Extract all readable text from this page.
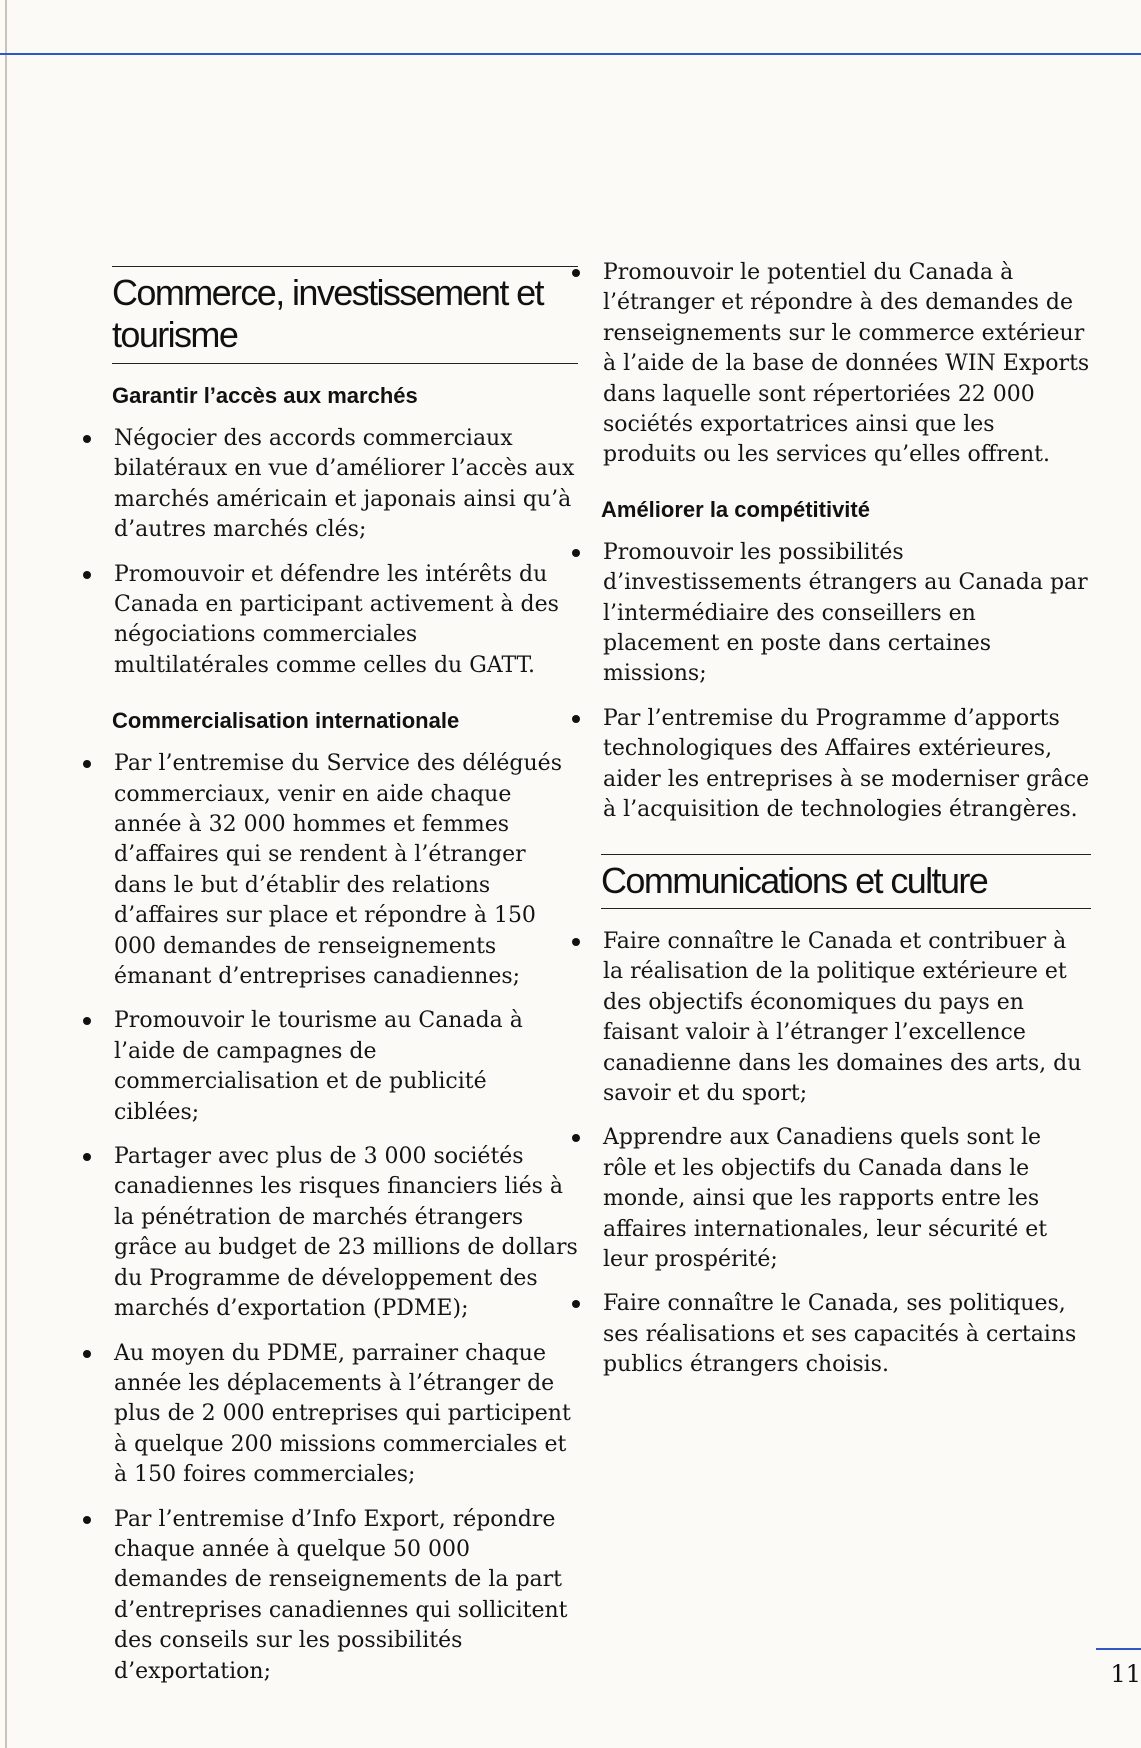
Commerce, investissement et tourisme
Garantir l’accès aux marchés
Négocier des accords commerciaux bilatéraux en vue d’améliorer l’accès aux marchés américain et japonais ainsi qu’à d’autres marchés clés;
Promouvoir et défendre les intérêts du Canada en participant activement à des négociations commerciales multilatérales comme celles du GATT.
Commercialisation internationale
Par l’entremise du Service des délégués commerciaux, venir en aide chaque année à 32 000 hommes et femmes d’affaires qui se rendent à l’étranger dans le but d’établir des relations d’affaires sur place et répondre à 150 000 demandes de renseignements émanant d’entreprises canadiennes;
Promouvoir le tourisme au Canada à l’aide de campagnes de commercialisation et de publicité ciblées;
Partager avec plus de 3 000 sociétés canadiennes les risques financiers liés à la pénétration de marchés étrangers grâce au budget de 23 millions de dollars du Programme de développement des marchés d’exportation (PDME);
Au moyen du PDME, parrainer chaque année les déplacements à l’étranger de plus de 2 000 entreprises qui participent à quelque 200 missions commerciales et à 150 foires commerciales;
Par l’entremise d’Info Export, répondre chaque année à quelque 50 000 demandes de renseignements de la part d’entreprises canadiennes qui sollicitent des conseils sur les possibilités d’exportation;
Promouvoir le potentiel du Canada à l’étranger et répondre à des demandes de renseignements sur le commerce extérieur à l’aide de la base de données WIN Exports dans laquelle sont répertoriées 22 000 sociétés exportatrices ainsi que les produits ou les services qu’elles offrent.
Améliorer la compétitivité
Promouvoir les possibilités d’investissements étrangers au Canada par l’intermédiaire des conseillers en placement en poste dans certaines missions;
Par l’entremise du Programme d’apports technologiques des Affaires extérieures, aider les entreprises à se moderniser grâce à l’acquisition de technologies étrangères.
Communications et culture
Faire connaître le Canada et contribuer à la réalisation de la politique extérieure et des objectifs économiques du pays en faisant valoir à l’étranger l’excellence canadienne dans les domaines des arts, du savoir et du sport;
Apprendre aux Canadiens quels sont le rôle et les objectifs du Canada dans le monde, ainsi que les rapports entre les affaires internationales, leur sécurité et leur prospérité;
Faire connaître le Canada, ses politiques, ses réalisations et ses capacités à certains publics étrangers choisis.
11
